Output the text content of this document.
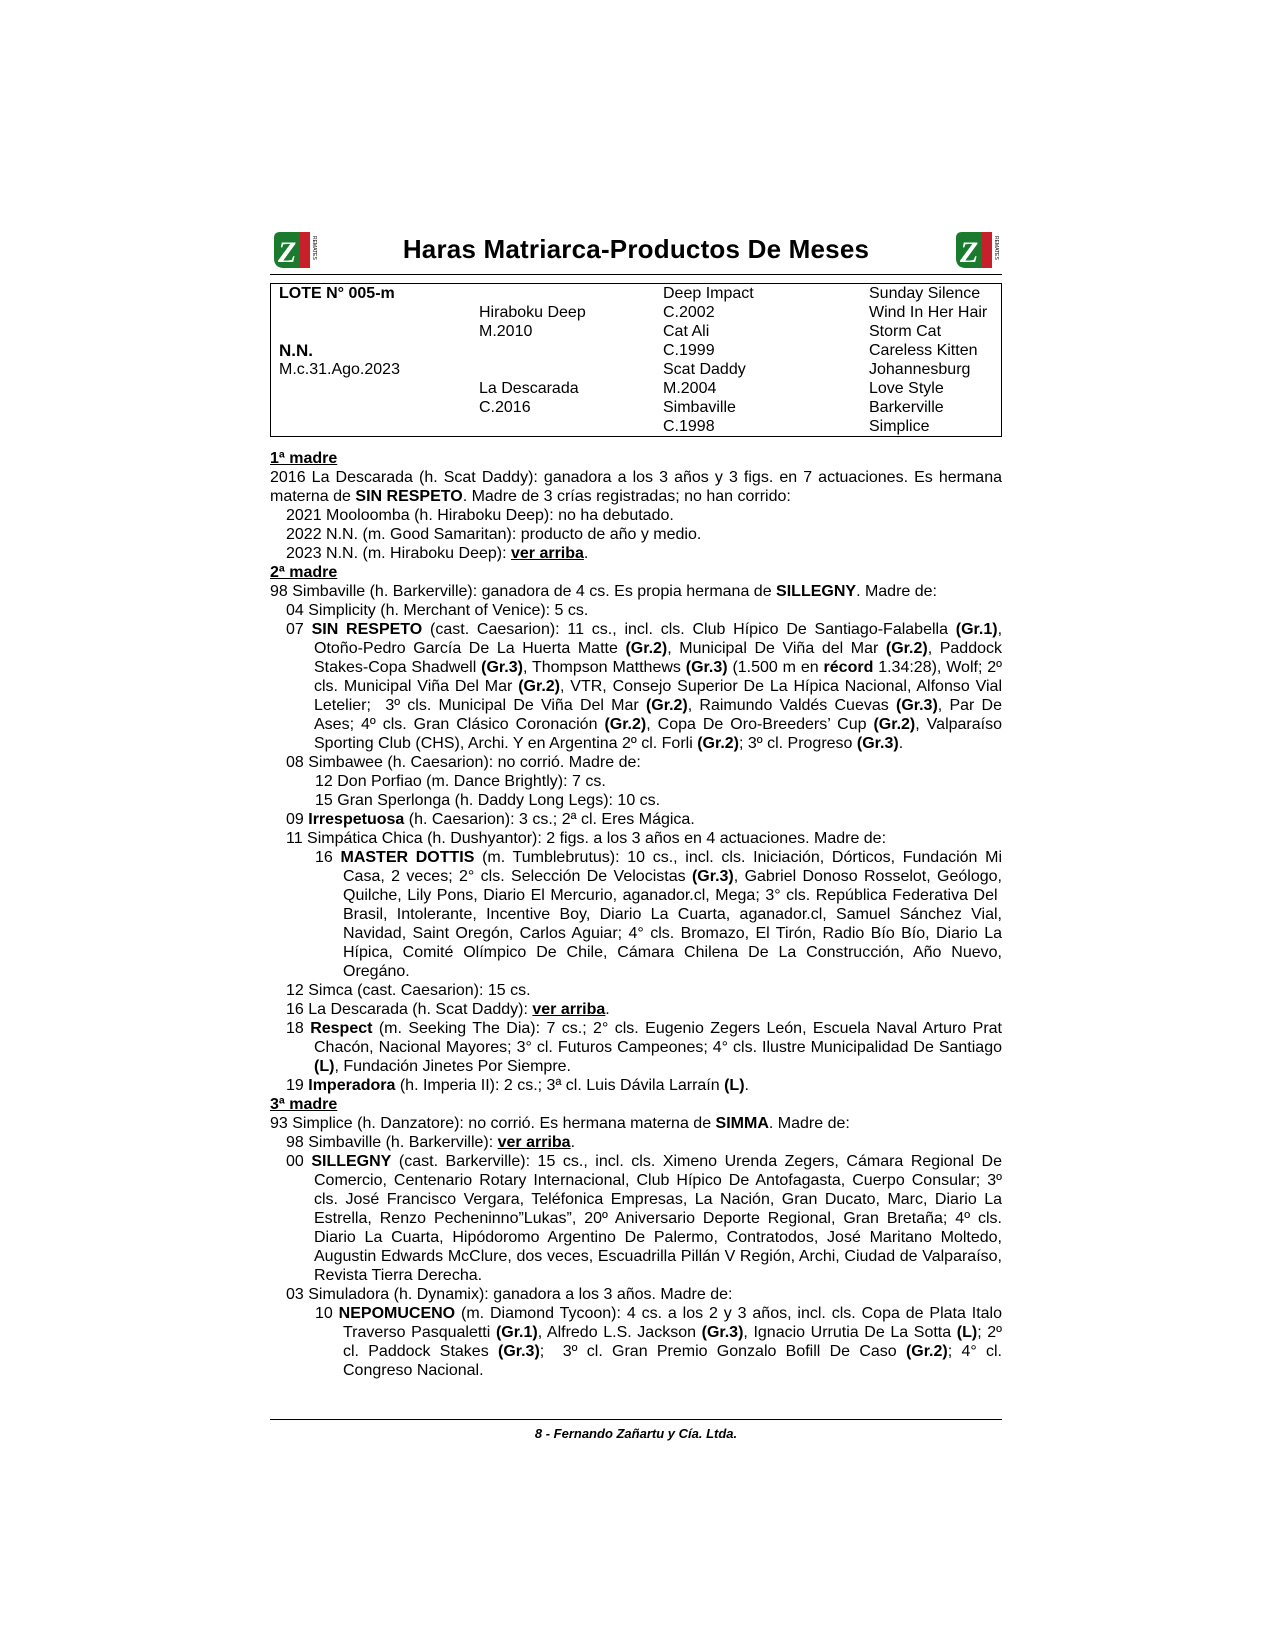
Z	REMATES	Haras Matriarca-Productos De Meses	Z	REMATES
LOTE N° 005-m		Deep Impact	Sunday Silence
	Hiraboku Deep	C.2002	Wind In Her Hair
	M.2010	Cat Ali	Storm Cat
N.N.		C.1999	Careless Kitten
M.c.31.Ago.2023		Scat Daddy	Johannesburg
	La Descarada	M.2004	Love Style
	C.2016	Simbaville	Barkerville
		C.1998	Simplice

1ª madre

2016 La Descarada (h. Scat Daddy): ganadora a los 3 años y 3 figs. en 7 actuaciones. Es hermana materna de SIN RESPETO. Madre de 3 crías registradas; no han corrido:

2021 Mooloomba (h. Hiraboku Deep): no ha debutado.

2022 N.N. (m. Good Samaritan): producto de año y medio.

2023 N.N. (m. Hiraboku Deep): ver arriba.

2ª madre

98 Simbaville (h. Barkerville): ganadora de 4 cs. Es propia hermana de SILLEGNY. Madre de:

04 Simplicity (h. Merchant of Venice): 5 cs.

07 SIN RESPETO (cast. Caesarion): 11 cs., incl. cls. Club Hípico De Santiago-Falabella (Gr.1), Otoño-Pedro García De La Huerta Matte (Gr.2), Municipal De Viña del Mar (Gr.2), Paddock Stakes-Copa Shadwell (Gr.3), Thompson Matthews (Gr.3) (1.500 m en récord 1.34:28), Wolf; 2º cls. Municipal Viña Del Mar (Gr.2), VTR, Consejo Superior De La Hípica Nacional, Alfonso Vial Letelier;  3º cls. Municipal De Viña Del Mar (Gr.2), Raimundo Valdés Cuevas (Gr.3), Par De Ases; 4º cls. Gran Clásico Coronación (Gr.2), Copa De Oro-Breeders’ Cup (Gr.2), Valparaíso Sporting Club (CHS), Archi. Y en Argentina 2º cl. Forli (Gr.2); 3º cl. Progreso (Gr.3).

08 Simbawee (h. Caesarion): no corrió. Madre de:

12 Don Porfiao (m. Dance Brightly): 7 cs.

15 Gran Sperlonga (h. Daddy Long Legs): 10 cs.

09 Irrespetuosa (h. Caesarion): 3 cs.; 2ª cl. Eres Mágica.

11 Simpática Chica (h. Dushyantor): 2 figs. a los 3 años en 4 actuaciones. Madre de:

16 MASTER DOTTIS (m. Tumblebrutus): 10 cs., incl. cls. Iniciación, Dórticos, Fundación Mi Casa, 2 veces; 2° cls. Selección De Velocistas (Gr.3), Gabriel Donoso Rosselot, Geólogo, Quilche, Lily Pons, Diario El Mercurio, aganador.cl, Mega; 3° cls. República Federativa Del  Brasil, Intolerante, Incentive Boy, Diario La Cuarta, aganador.cl, Samuel Sánchez Vial, Navidad, Saint Oregón, Carlos Aguiar; 4° cls. Bromazo, El Tirón, Radio Bío Bío, Diario La Hípica, Comité Olímpico De Chile, Cámara Chilena De La Construcción, Año Nuevo, Oregáno.

12 Simca (cast. Caesarion): 15 cs.

16 La Descarada (h. Scat Daddy): ver arriba.

18 Respect (m. Seeking The Dia): 7 cs.; 2° cls. Eugenio Zegers León, Escuela Naval Arturo Prat Chacón, Nacional Mayores; 3° cl. Futuros Campeones; 4° cls. Ilustre Municipalidad De Santiago (L), Fundación Jinetes Por Siempre.

19 Imperadora (h. Imperia II): 2 cs.; 3ª cl. Luis Dávila Larraín (L).

3ª madre

93 Simplice (h. Danzatore): no corrió. Es hermana materna de SIMMA. Madre de:

98 Simbaville (h. Barkerville): ver arriba.

00 SILLEGNY (cast. Barkerville): 15 cs., incl. cls. Ximeno Urenda Zegers, Cámara Regional De Comercio, Centenario Rotary Internacional, Club Hípico De Antofagasta, Cuerpo Consular; 3º cls. José Francisco Vergara, Teléfonica Empresas, La Nación, Gran Ducato, Marc, Diario La Estrella, Renzo Pecheninno”Lukas”, 20º Aniversario Deporte Regional, Gran Bretaña; 4º cls. Diario La Cuarta, Hipódoromo Argentino De Palermo, Contratodos, José Maritano Moltedo, Augustin Edwards McClure, dos veces, Escuadrilla Pillán V Región, Archi, Ciudad de Valparaíso, Revista Tierra Derecha.

03 Simuladora (h. Dynamix): ganadora a los 3 años. Madre de:

10 NEPOMUCENO (m. Diamond Tycoon): 4 cs. a los 2 y 3 años, incl. cls. Copa de Plata Italo Traverso Pasqualetti (Gr.1), Alfredo L.S. Jackson (Gr.3), Ignacio Urrutia De La Sotta (L); 2º cl. Paddock Stakes (Gr.3);  3º cl. Gran Premio Gonzalo Bofill De Caso (Gr.2); 4° cl. Congreso Nacional.

8 - Fernando Zañartu y Cía. Ltda.
